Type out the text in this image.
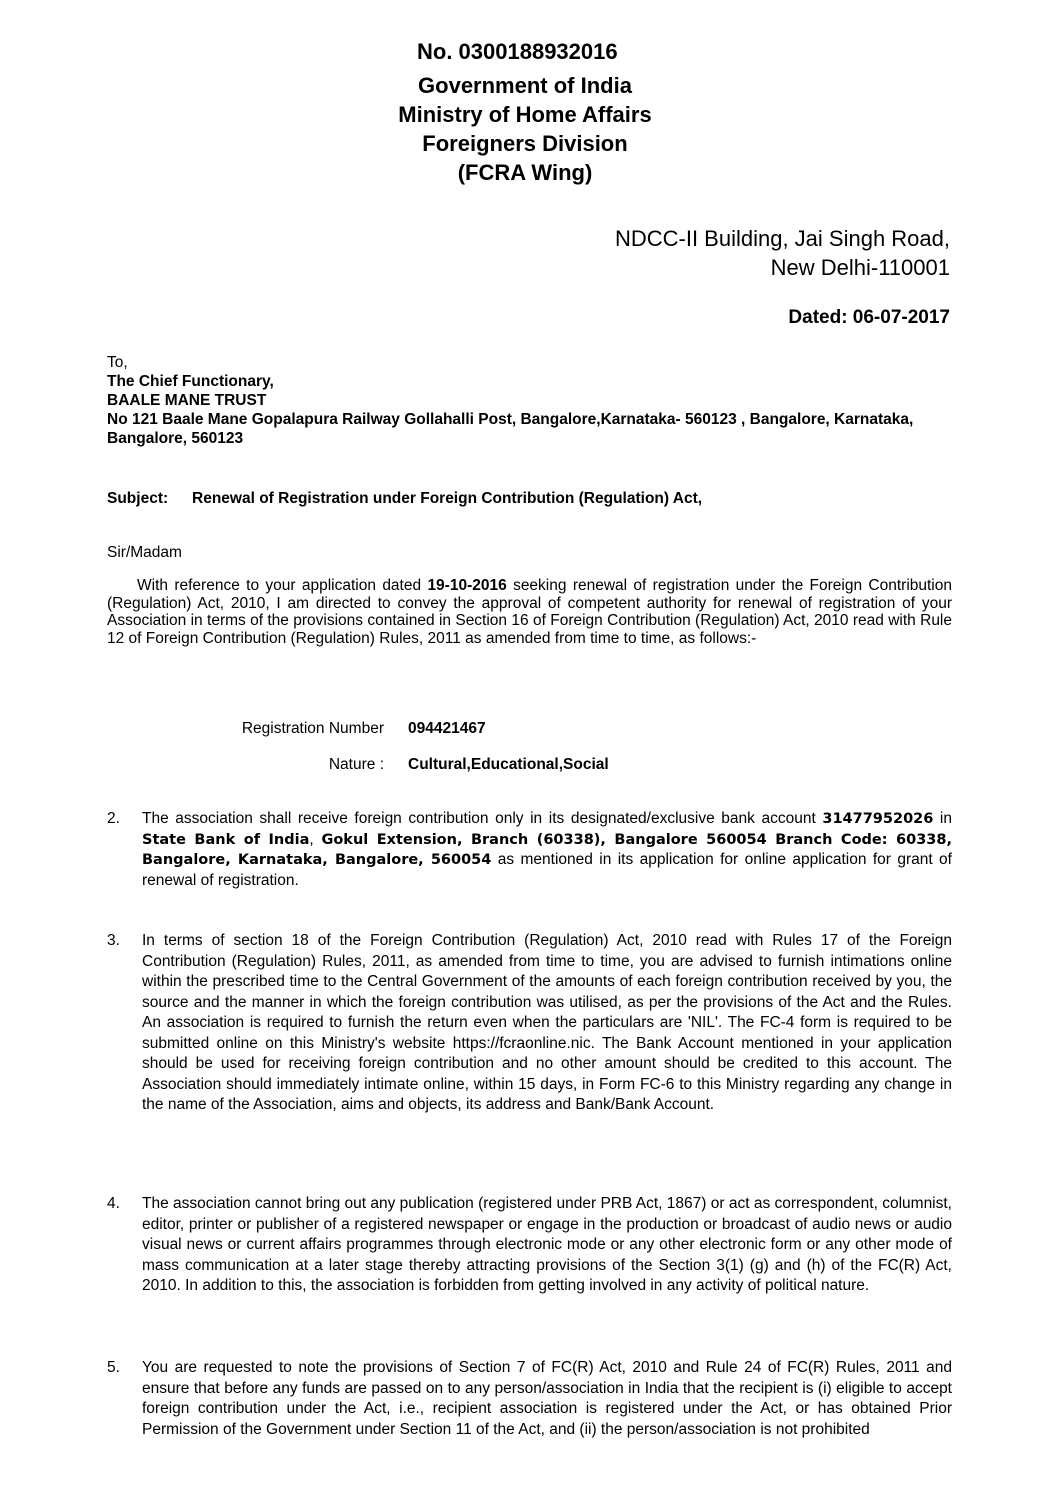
No. 0300188932016
Government of India
Ministry of Home Affairs
Foreigners Division
(FCRA Wing)
NDCC-II Building, Jai Singh Road,
New Delhi-110001
Dated: 06-07-2017
To,
The Chief Functionary,
BAALE MANE TRUST
No 121 Baale Mane Gopalapura Railway Gollahalli Post, Bangalore,Karnataka- 560123 , Bangalore, Karnataka, Bangalore, 560123
Subject: Renewal of Registration under Foreign Contribution (Regulation) Act,
Sir/Madam
With reference to your application dated 19-10-2016 seeking renewal of registration under the Foreign Contribution (Regulation) Act, 2010, I am directed to convey the approval of competent authority for renewal of registration of your Association in terms of the provisions contained in Section 16 of Foreign Contribution (Regulation) Act, 2010 read with Rule 12 of Foreign Contribution (Regulation) Rules, 2011 as amended from time to time, as follows:-
Registration Number 094421467
Nature : Cultural,Educational,Social
2. The association shall receive foreign contribution only in its designated/exclusive bank account 31477952026 in State Bank of India, Gokul Extension, Branch (60338), Bangalore 560054 Branch Code: 60338, Bangalore, Karnataka, Bangalore, 560054 as mentioned in its application for online application for grant of renewal of registration.
3. In terms of section 18 of the Foreign Contribution (Regulation) Act, 2010 read with Rules 17 of the Foreign Contribution (Regulation) Rules, 2011, as amended from time to time, you are advised to furnish intimations online within the prescribed time to the Central Government of the amounts of each foreign contribution received by you, the source and the manner in which the foreign contribution was utilised, as per the provisions of the Act and the Rules. An association is required to furnish the return even when the particulars are 'NIL'. The FC-4 form is required to be submitted online on this Ministry's website https://fcraonline.nic. The Bank Account mentioned in your application should be used for receiving foreign contribution and no other amount should be credited to this account. The Association should immediately intimate online, within 15 days, in Form FC-6 to this Ministry regarding any change in the name of the Association, aims and objects, its address and Bank/Bank Account.
4. The association cannot bring out any publication (registered under PRB Act, 1867) or act as correspondent, columnist, editor, printer or publisher of a registered newspaper or engage in the production or broadcast of audio news or audio visual news or current affairs programmes through electronic mode or any other electronic form or any other mode of mass communication at a later stage thereby attracting provisions of the Section 3(1) (g) and (h) of the FC(R) Act, 2010. In addition to this, the association is forbidden from getting involved in any activity of political nature.
5. You are requested to note the provisions of Section 7 of FC(R) Act, 2010 and Rule 24 of FC(R) Rules, 2011 and ensure that before any funds are passed on to any person/association in India that the recipient is (i) eligible to accept foreign contribution under the Act, i.e., recipient association is registered under the Act, or has obtained Prior Permission of the Government under Section 11 of the Act, and (ii) the person/association is not prohibited
